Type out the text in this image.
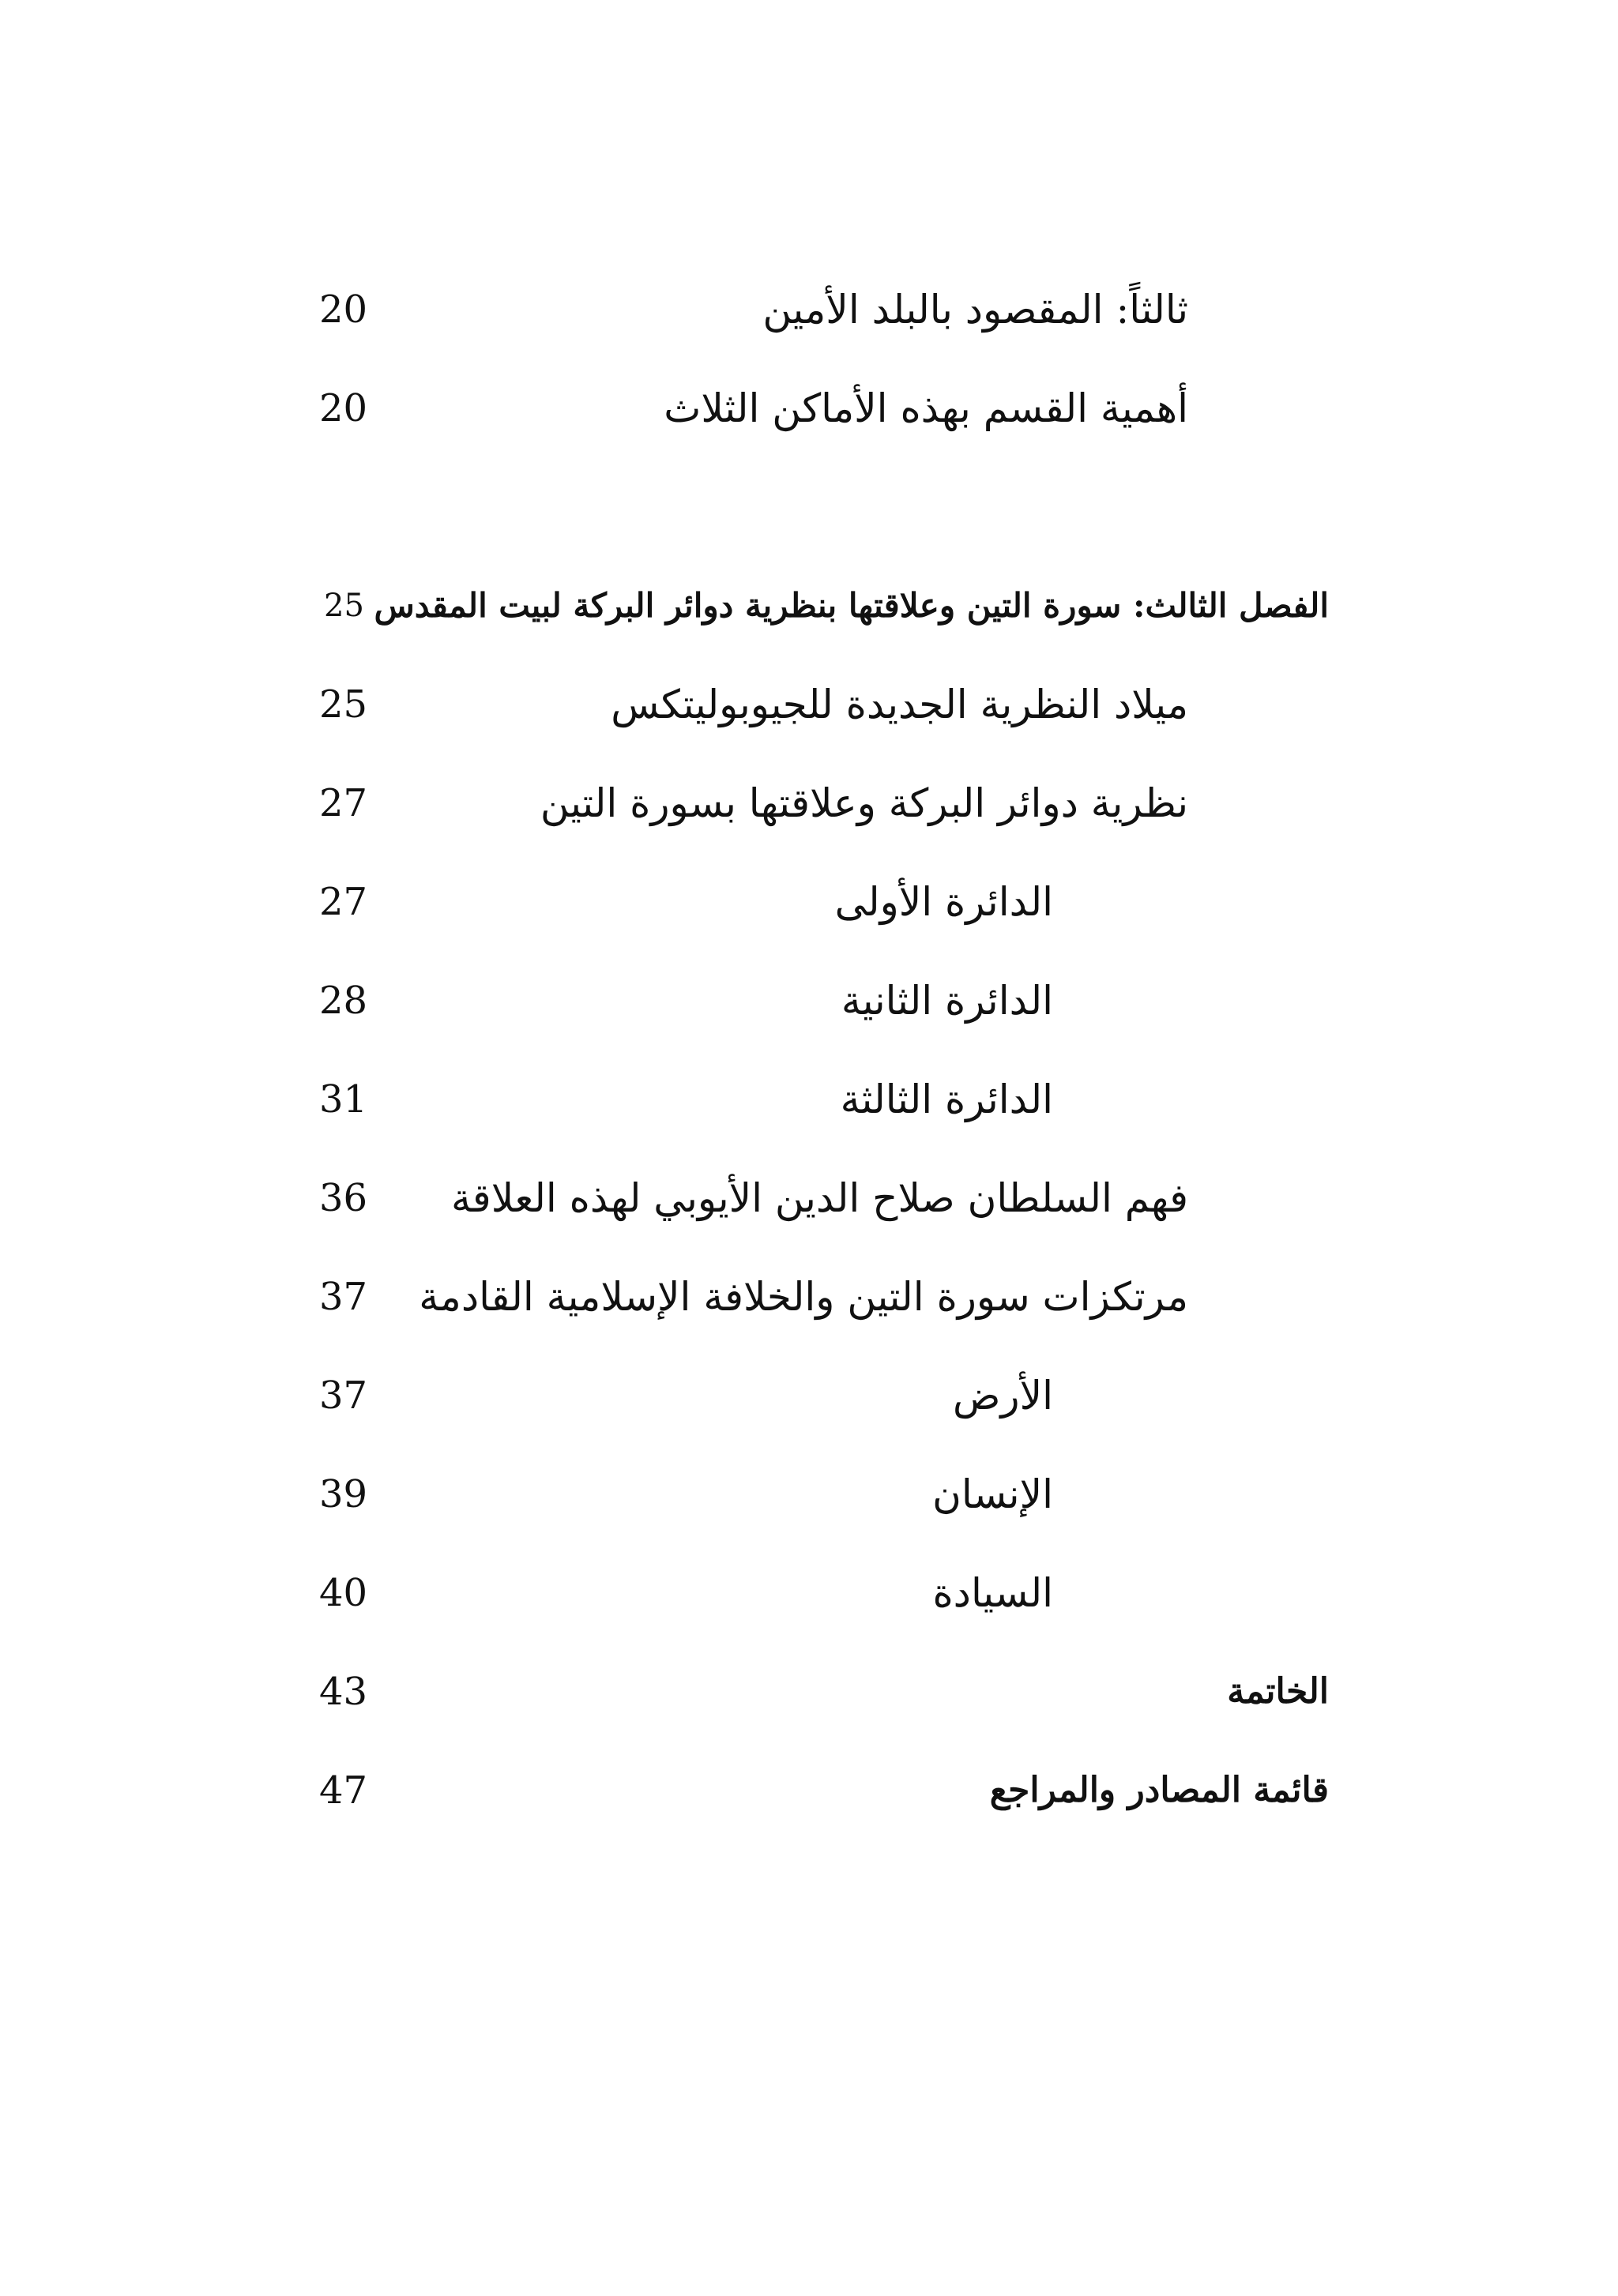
ثالثاً: المقصود بالبلد الأمين
20
أهمية القسم بهذه الأماكن الثلاث
20
الفصل الثالث: سورة التين وعلاقتها بنظرية دوائر البركة لبيت المقدس
25
ميلاد النظرية الجديدة للجيوبوليتكس
25
نظرية دوائر البركة وعلاقتها بسورة التين
27
الدائرة الأولى
27
الدائرة الثانية
28
الدائرة الثالثة
31
فهم السلطان صلاح الدين الأيوبي لهذه العلاقة
36
مرتكزات سورة التين والخلافة الإسلامية القادمة
37
الأرض
37
الإنسان
39
السيادة
40
الخاتمة
43
قائمة المصادر والمراجع
47
